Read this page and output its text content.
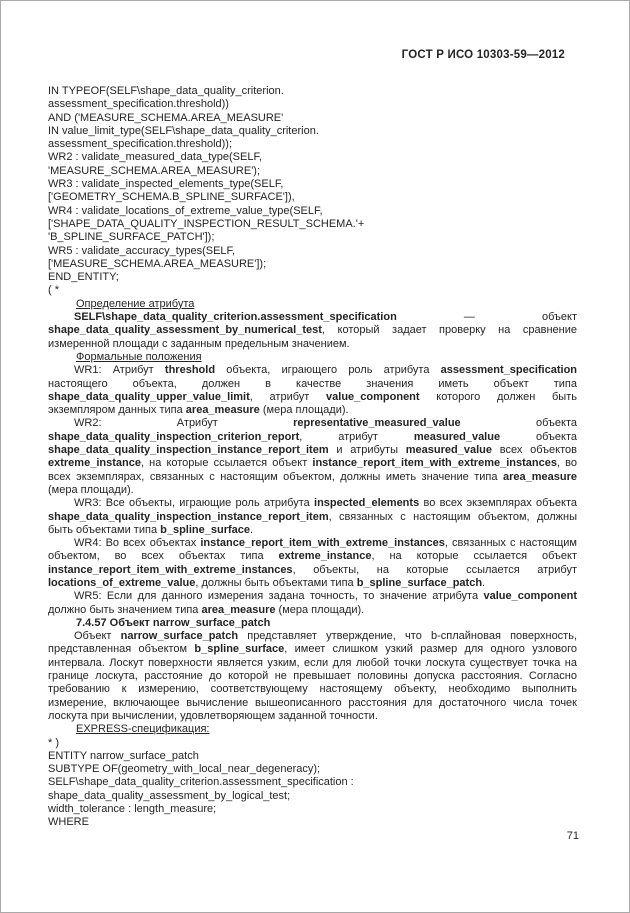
ГОСТ Р ИСО 10303-59—2012
IN TYPEOF(SELF\shape_data_quality_criterion.
assessment_specification.threshold))
AND ('MEASURE_SCHEMA.AREA_MEASURE'
IN value_limit_type(SELF\shape_data_quality_criterion.
assessment_specification.threshold));
WR2 : validate_measured_data_type(SELF,
'MEASURE_SCHEMA.AREA_MEASURE');
WR3 : validate_inspected_elements_type(SELF,
['GEOMETRY_SCHEMA.B_SPLINE_SURFACE']),
WR4 : validate_locations_of_extreme_value_type(SELF,
['SHAPE_DATA_QUALITY_INSPECTION_RESULT_SCHEMA.'+
'B_SPLINE_SURFACE_PATCH']);
WR5 : validate_accuracy_types(SELF,
['MEASURE_SCHEMA.AREA_MEASURE']);
END_ENTITY;
( *
Определение атрибута

SELF\shape_data_quality_criterion.assessment_specification — объект shape_data_quality_assessment_by_numerical_test, который задает проверку на сравнение измеренной площади с заданным предельным значением.

Формальные положения

WR1: Атрибут threshold объекта, играющего роль атрибута assessment_specification настоящего объекта, должен в качестве значения иметь объект типа shape_data_quality_upper_value_limit, атрибут value_component которого должен быть экземпляром данных типа area_measure (мера площади).

WR2: Атрибут representative_measured_value объекта shape_data_quality_inspection_criterion_report, атрибут measured_value объекта shape_data_quality_inspection_instance_report_item и атрибуты measured_value всех объектов extreme_instance, на которые ссылается объект instance_report_item_with_extreme_instances, во всех экземплярах, связанных с настоящим объектом, должны иметь значение типа area_measure (мера площади).

WR3: Все объекты, играющие роль атрибута inspected_elements во всех экземплярах объекта shape_data_quality_inspection_instance_report_item, связанных с настоящим объектом, должны быть объектами типа b_spline_surface.

WR4: Во всех объектах instance_report_item_with_extreme_instances, связанных с настоящим объектом, во всех объектах типа extreme_instance, на которые ссылается объект instance_report_item_with_extreme_instances, объекты, на которые ссылается атрибут locations_of_extreme_value, должны быть объектами типа b_spline_surface_patch.

WR5: Если для данного измерения задана точность, то значение атрибута value_component должно быть значением типа area_measure (мера площади).

7.4.57 Объект narrow_surface_patch

Объект narrow_surface_patch представляет утверждение, что b-сплайновая поверхность, представленная объектом b_spline_surface, имеет слишком узкий размер для одного узлового интервала. Лоскут поверхности является узким, если для любой точки лоскута существует точка на границе лоскута, расстояние до которой не превышает половины допуска расстояния. Согласно требованию к измерению, соответствующему настоящему объекту, необходимо выполнить измерение, включающее вычисление вышеописанного расстояния для достаточного числа точек лоскута при вычислении, удовлетворяющем заданной точности.

EXPRESS-спецификация:
* )
ENTITY narrow_surface_patch
SUBTYPE OF(geometry_with_local_near_degeneracy);
SELF\shape_data_quality_criterion.assessment_specification :
shape_data_quality_assessment_by_logical_test;
width_tolerance : length_measure;
WHERE
71
